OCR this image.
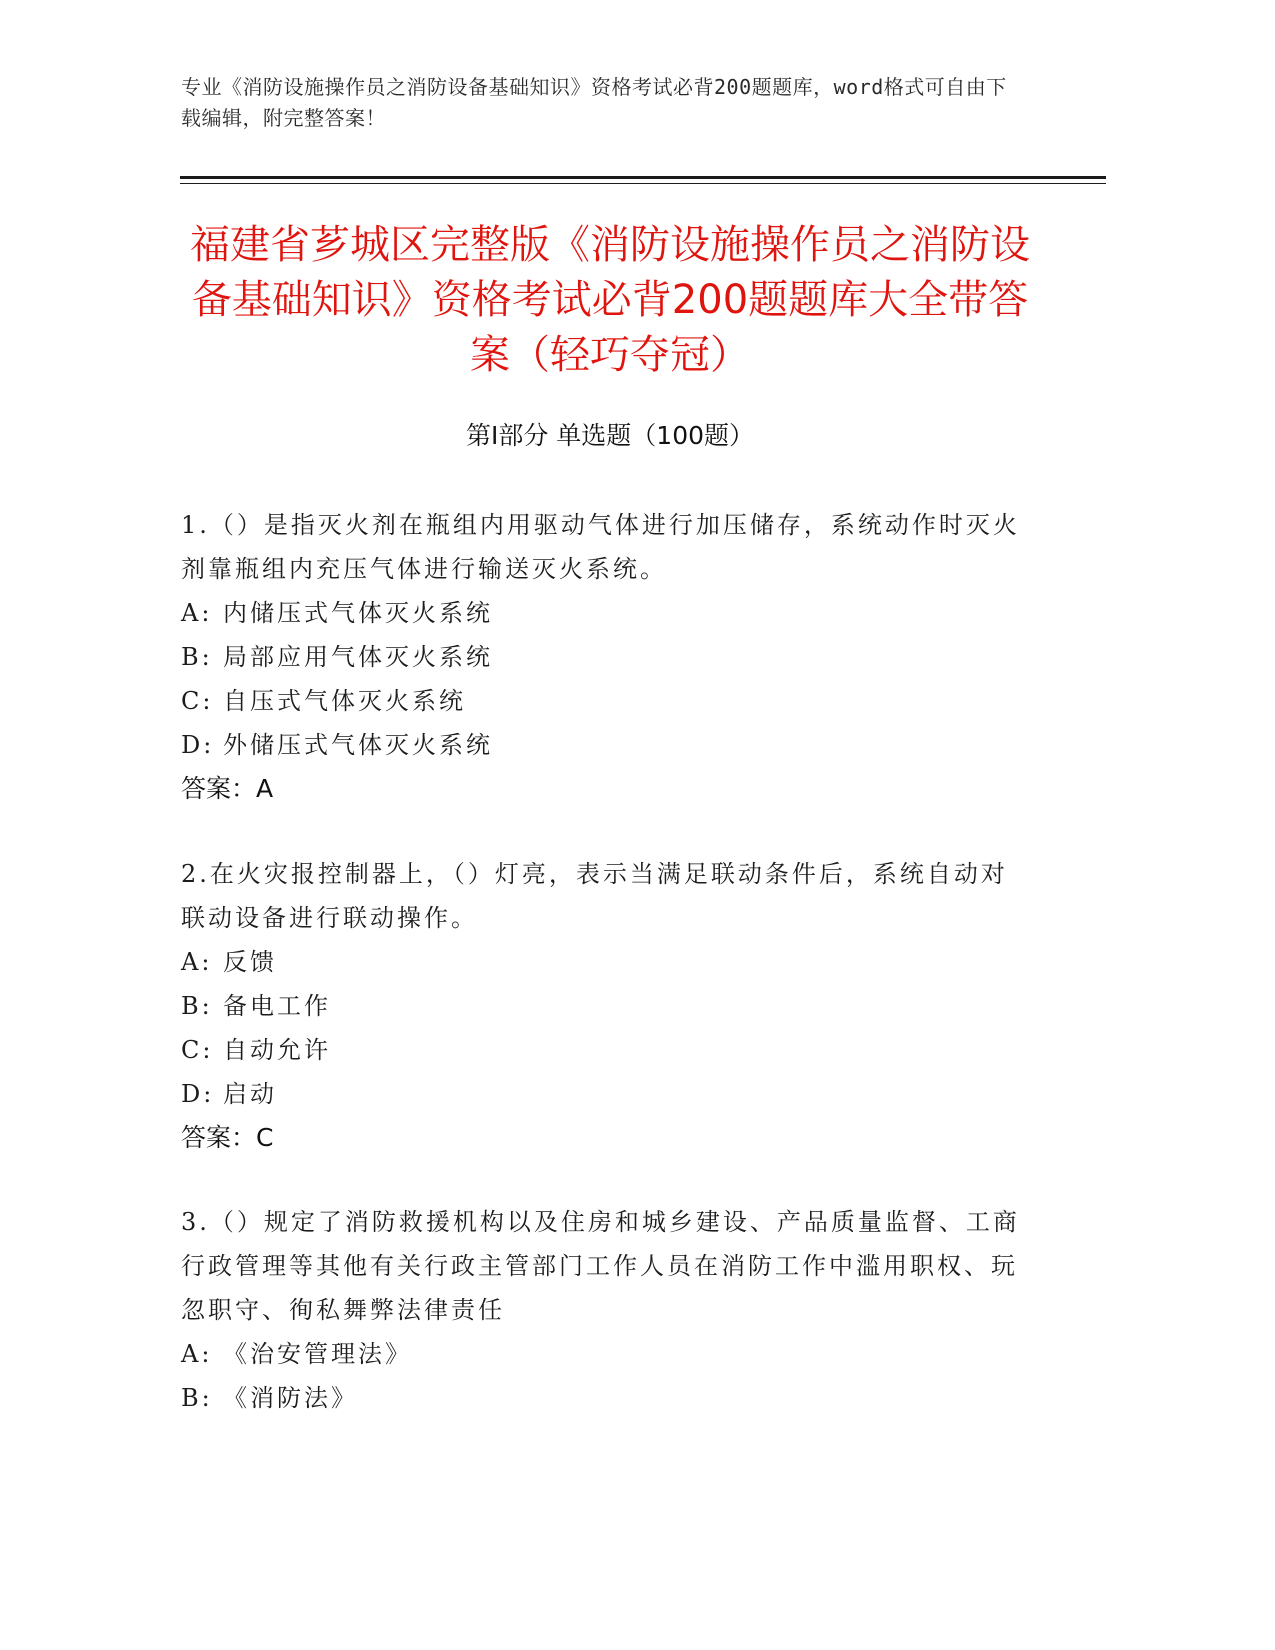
专业《消防设施操作员之消防设备基础知识》资格考试必背200题题库，word格式可自由下载编辑，附完整答案！
福建省芗城区完整版《消防设施操作员之消防设备基础知识》资格考试必背200题题库大全带答案（轻巧夺冠）
第Ⅰ部分 单选题（100题）
1.（）是指灭火剂在瓶组内用驱动气体进行加压储存，系统动作时灭火剂靠瓶组内充压气体进行输送灭火系统。
A: 内储压式气体灭火系统
B: 局部应用气体灭火系统
C: 自压式气体灭火系统
D: 外储压式气体灭火系统
答案：A
2.在火灾报控制器上，（）灯亮，表示当满足联动条件后，系统自动对联动设备进行联动操作。
A: 反馈
B: 备电工作
C: 自动允许
D: 启动
答案：C
3.（）规定了消防救援机构以及住房和城乡建设、产品质量监督、工商行政管理等其他有关行政主管部门工作人员在消防工作中滥用职权、玩忽职守、徇私舞弊法律责任
A: 《治安管理法》
B: 《消防法》
